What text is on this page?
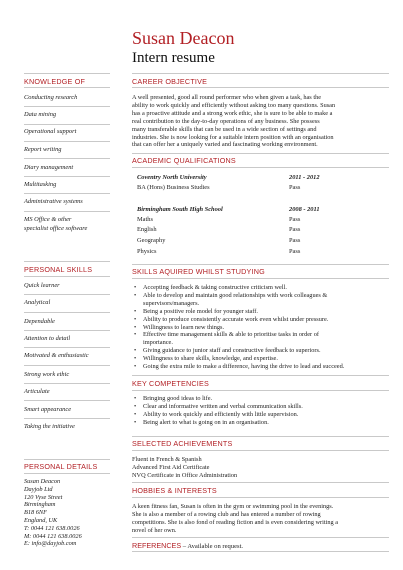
Susan Deacon
Intern resume
KNOWLEDGE OF
Conducting research
Data mining
Operational support
Report writing
Diary management
Multitasking
Administrative systems
MS Office & other
specialist office software
PERSONAL SKILLS
Quick learner
Analytical
Dependable
Attention to detail
Motivated & enthusiastic
Strong work ethic
Articulate
Smart appearance
Taking the initiative
PERSONAL DETAILS
Susan Deacon
Dayjob Ltd
120 Vyse Street
Birmingham
B18 6NF
England, UK
T: 0044 121 638.0026
M: 0044 121 638.0026
E: info@dayjob.com
CAREER OBJECTIVE
A well presented, good all round performer who when given a task, has the
ability to work quickly and efficiently without asking too many questions. Susan
has a proactive attitude and a strong work ethic, she is sure to be able to make a
real contribution to the day-to-day operations of any business. She possess
many transferable skills that can be used in a wide section of settings and
industries. She is now looking for a suitable intern position with an organisation
that can offer her a uniquely varied and fascinating working environment.
ACADEMIC QUALIFICATIONS
Coventry North University	2011 - 2012
BA (Hons) Business Studies	Pass
Birmingham South High School	2008 - 2011
Maths	Pass
English	Pass
Geography	Pass
Physics	Pass
SKILLS AQUIRED WHILST STUDYING
• Accepting feedback & taking constructive criticism well.
• Able to develop and maintain good relationships with work colleagues &
supervisors/managers.
• Being a positive role model for younger staff.
• Ability to produce consistently accurate work even whilst under pressure.
• Willingness to learn new things.
• Effective time management skills & able to prioritise tasks in order of
importance.
• Giving guidance to junior staff and constructive feedback to superiors.
• Willingness to share skills, knowledge, and expertise.
• Going the extra mile to make a difference, having the drive to lead and succeed.
KEY COMPETENCIES
• Bringing good ideas to life.
• Clear and informative written and verbal communication skills.
• Ability to work quickly and efficiently with little supervision.
• Being alert to what is going on in an organisation.
SELECTED ACHIEVEMENTS
Fluent in French & Spanish
Advanced First Aid Certificate
NVQ Certificate in Office Administration
HOBBIES & INTERESTS
A keen fitness fan, Susan is often in the gym or swimming pool in the evenings.
She is also a member of a rowing club and has entered a number of rowing
competitions. She is also fond of reading fiction and is even considering writing a
novel of her own.
REFERENCES – Available on request.
